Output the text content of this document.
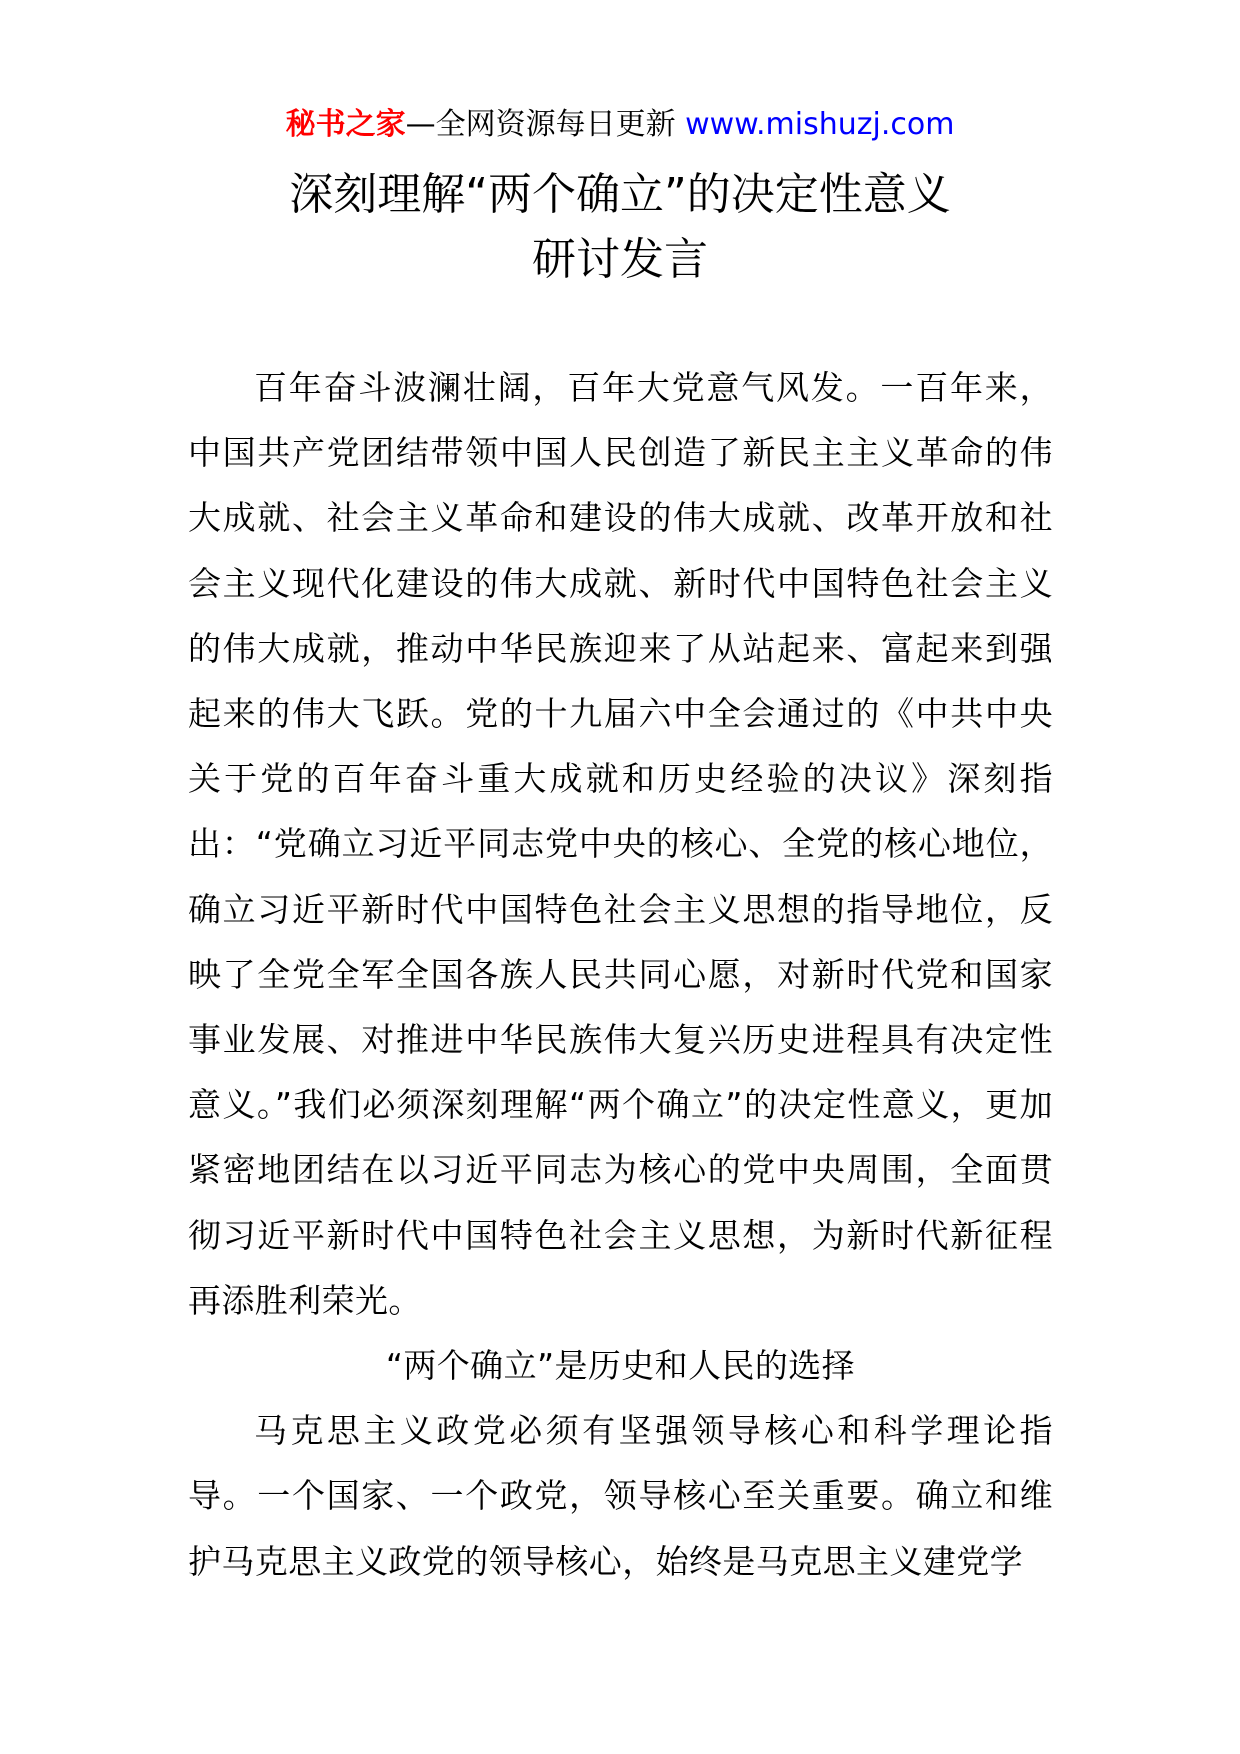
秘书之家—全网资源每日更新 www.mishuzj.com
深刻理解“两个确立”的决定性意义
研讨发言

百年奋斗波澜壮阔，百年大党意气风发。一百年来，中国共产党团结带领中国人民创造了新民主主义革命的伟大成就、社会主义革命和建设的伟大成就、改革开放和社会主义现代化建设的伟大成就、新时代中国特色社会主义的伟大成就，推动中华民族迎来了从站起来、富起来到强起来的伟大飞跃。党的十九届六中全会通过的《中共中央关于党的百年奋斗重大成就和历史经验的决议》深刻指出：“党确立习近平同志党中央的核心、全党的核心地位，确立习近平新时代中国特色社会主义思想的指导地位，反映了全党全军全国各族人民共同心愿，对新时代党和国家事业发展、对推进中华民族伟大复兴历史进程具有决定性意义。”我们必须深刻理解“两个确立”的决定性意义，更加紧密地团结在以习近平同志为核心的党中央周围，全面贯彻习近平新时代中国特色社会主义思想，为新时代新征程再添胜利荣光。

“两个确立”是历史和人民的选择

马克思主义政党必须有坚强领导核心和科学理论指导。一个国家、一个政党，领导核心至关重要。确立和维护马克思主义政党的领导核心，始终是马克思主义建党学
